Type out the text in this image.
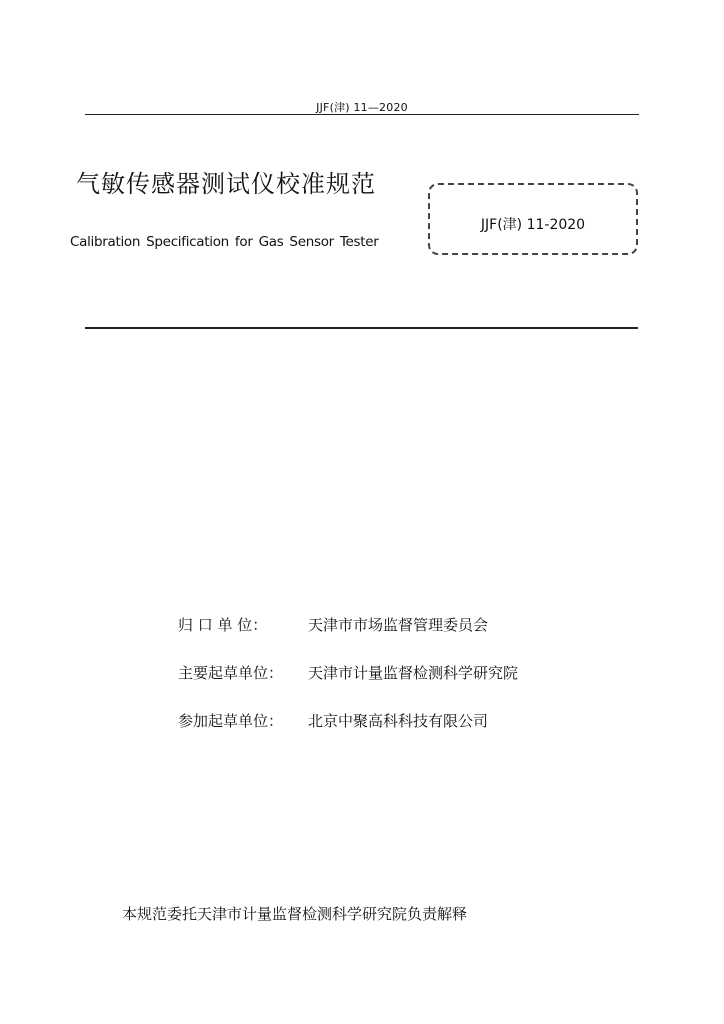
JJF(津) 11—2020
气敏传感器测试仪校准规范
Calibration Specification for Gas Sensor Tester
JJF(津) 11-2020
归 口 单 位：	天津市市场监督管理委员会
主要起草单位： 天津市计量监督检测科学研究院
参加起草单位： 北京中聚高科科技有限公司
本规范委托天津市计量监督检测科学研究院负责解释
